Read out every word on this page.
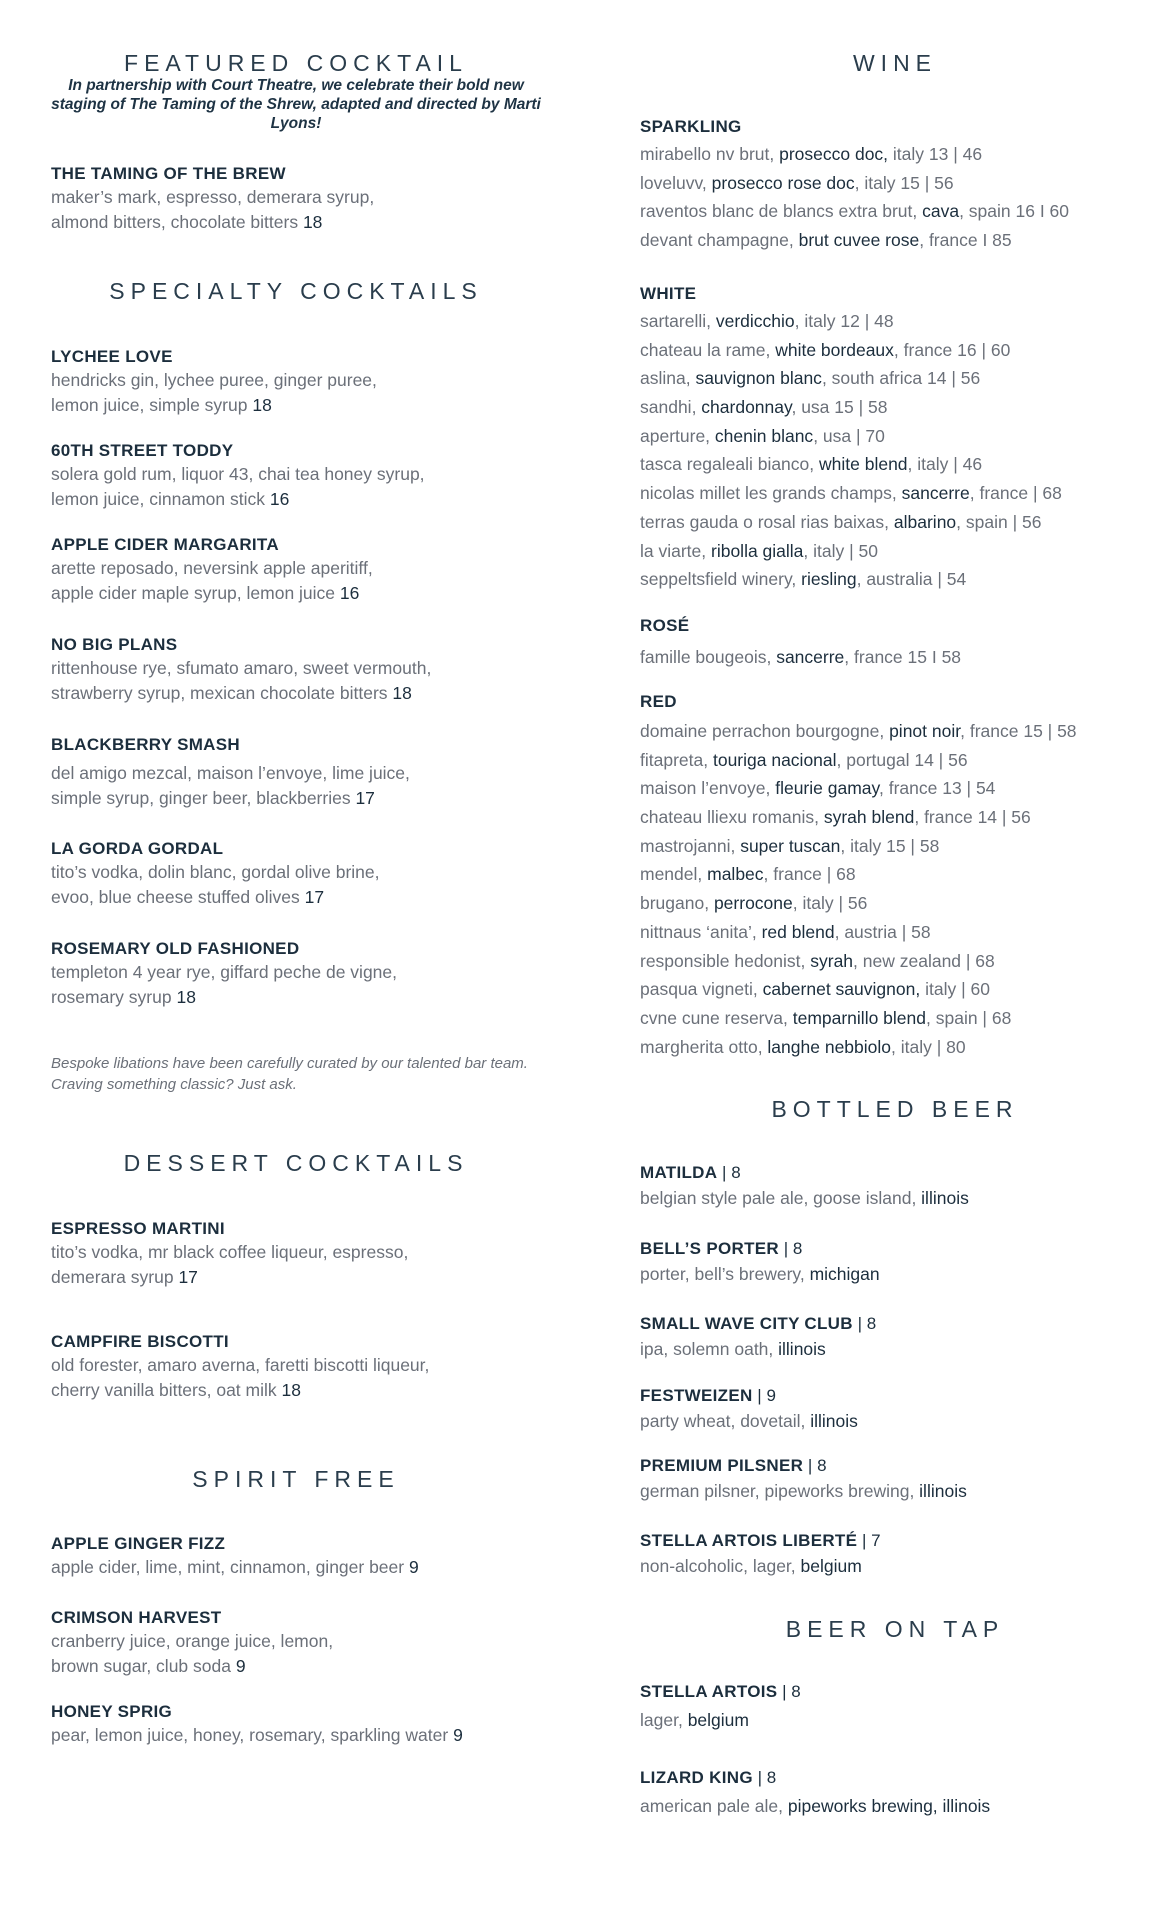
FEATURED COCKTAIL
In partnership with Court Theatre, we celebrate their bold new staging of The Taming of the Shrew, adapted and directed by Marti Lyons!
THE TAMING OF THE BREW
maker’s mark, espresso, demerara syrup,
almond bitters, chocolate bitters 18
SPECIALTY COCKTAILS
LYCHEE LOVE
hendricks gin, lychee puree, ginger puree,
lemon juice, simple syrup 18
60TH STREET TODDY
solera gold rum, liquor 43, chai tea honey syrup,
lemon juice, cinnamon stick 16
APPLE CIDER MARGARITA
arette reposado, neversink apple aperitiff,
apple cider maple syrup, lemon juice 16
NO BIG PLANS
rittenhouse rye, sfumato amaro, sweet vermouth,
strawberry syrup, mexican chocolate bitters 18
BLACKBERRY SMASH
del amigo mezcal, maison l’envoye, lime juice,
simple syrup, ginger beer, blackberries 17
LA GORDA GORDAL
tito’s vodka, dolin blanc, gordal olive brine,
evoo, blue cheese stuffed olives 17
ROSEMARY OLD FASHIONED
templeton 4 year rye, giffard peche de vigne,
rosemary syrup 18
Bespoke libations have been carefully curated by our talented bar team. Craving something classic? Just ask.
DESSERT COCKTAILS
ESPRESSO MARTINI
tito’s vodka, mr black coffee liqueur, espresso,
demerara syrup 17
CAMPFIRE BISCOTTI
old forester, amaro averna, faretti biscotti liqueur,
cherry vanilla bitters, oat milk 18
SPIRIT FREE
APPLE GINGER FIZZ
apple cider, lime, mint, cinnamon, ginger beer 9
CRIMSON HARVEST
cranberry juice, orange juice, lemon,
brown sugar, club soda 9
HONEY SPRIG
pear, lemon juice, honey, rosemary, sparkling water 9
WINE
SPARKLING
mirabello nv brut, prosecco doc, italy 13 | 46
loveluvv, prosecco rose doc, italy 15 | 56
raventos blanc de blancs extra brut, cava, spain 16 I 60
devant champagne, brut cuvee rose, france I 85
WHITE
sartarelli, verdicchio, italy 12 | 48
chateau la rame, white bordeaux, france 16 | 60
aslina, sauvignon blanc, south africa 14 | 56
sandhi, chardonnay, usa 15 | 58
aperture, chenin blanc, usa | 70
tasca regaleali bianco, white blend, italy | 46
nicolas millet les grands champs, sancerre, france | 68
terras gauda o rosal rias baixas, albarino, spain | 56
la viarte, ribolla gialla, italy | 50
seppeltsfield winery, riesling, australia | 54
ROSÉ
famille bougeois, sancerre, france 15 I 58
RED
domaine perrachon bourgogne, pinot noir, france 15 | 58
fitapreta, touriga nacional, portugal 14 | 56
maison l’envoye, fleurie gamay, france 13 | 54
chateau lliexu romanis, syrah blend, france 14 | 56
mastrojanni, super tuscan, italy 15 | 58
mendel, malbec, france | 68
brugano, perrocone, italy | 56
nittnaus ‘anita’, red blend, austria | 58
responsible hedonist, syrah, new zealand | 68
pasqua vigneti, cabernet sauvignon, italy | 60
cvne cune reserva, temparnillo blend, spain | 68
margherita otto, langhe nebbiolo, italy | 80
BOTTLED BEER
MATILDA | 8
belgian style pale ale, goose island, illinois
BELL’S PORTER | 8
porter, bell’s brewery, michigan
SMALL WAVE CITY CLUB | 8
ipa, solemn oath, illinois
FESTWEIZEN | 9
party wheat, dovetail, illinois
PREMIUM PILSNER | 8
german pilsner, pipeworks brewing, illinois
STELLA ARTOIS LIBERTÉ | 7
non-alcoholic, lager, belgium
BEER ON TAP
STELLA ARTOIS | 8
lager, belgium
LIZARD KING | 8
american pale ale, pipeworks brewing, illinois
